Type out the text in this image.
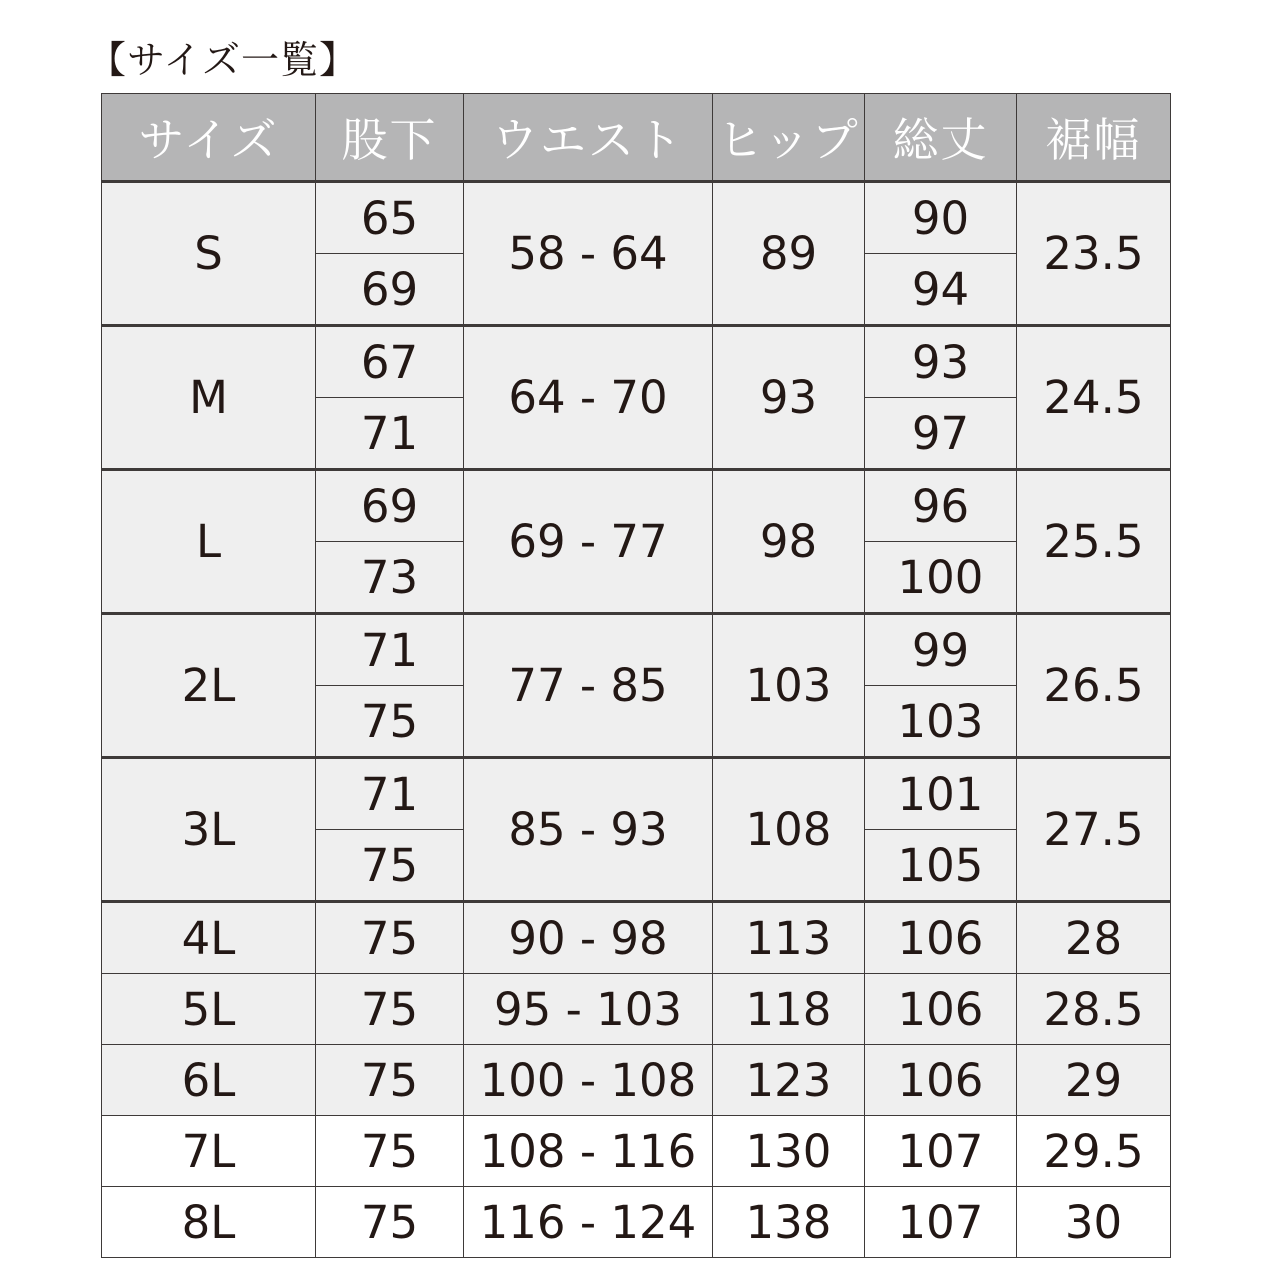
【サイズ一覧】
サイズ	股下	ウエスト	ヒップ	総丈	裾幅
S	65	58 - 64	89	90	23.5
	69			94	
M	67	64 - 70	93	93	24.5
	71			97	
L	69	69 - 77	98	96	25.5
	73			100	
2L	71	77 - 85	103	99	26.5
	75			103	
3L	71	85 - 93	108	101	27.5
	75			105	
4L	75	90 - 98	113	106	28
5L	75	95 - 103	118	106	28.5
6L	75	100 - 108	123	106	29
7L	75	108 - 116	130	107	29.5
8L	75	116 - 124	138	107	30
